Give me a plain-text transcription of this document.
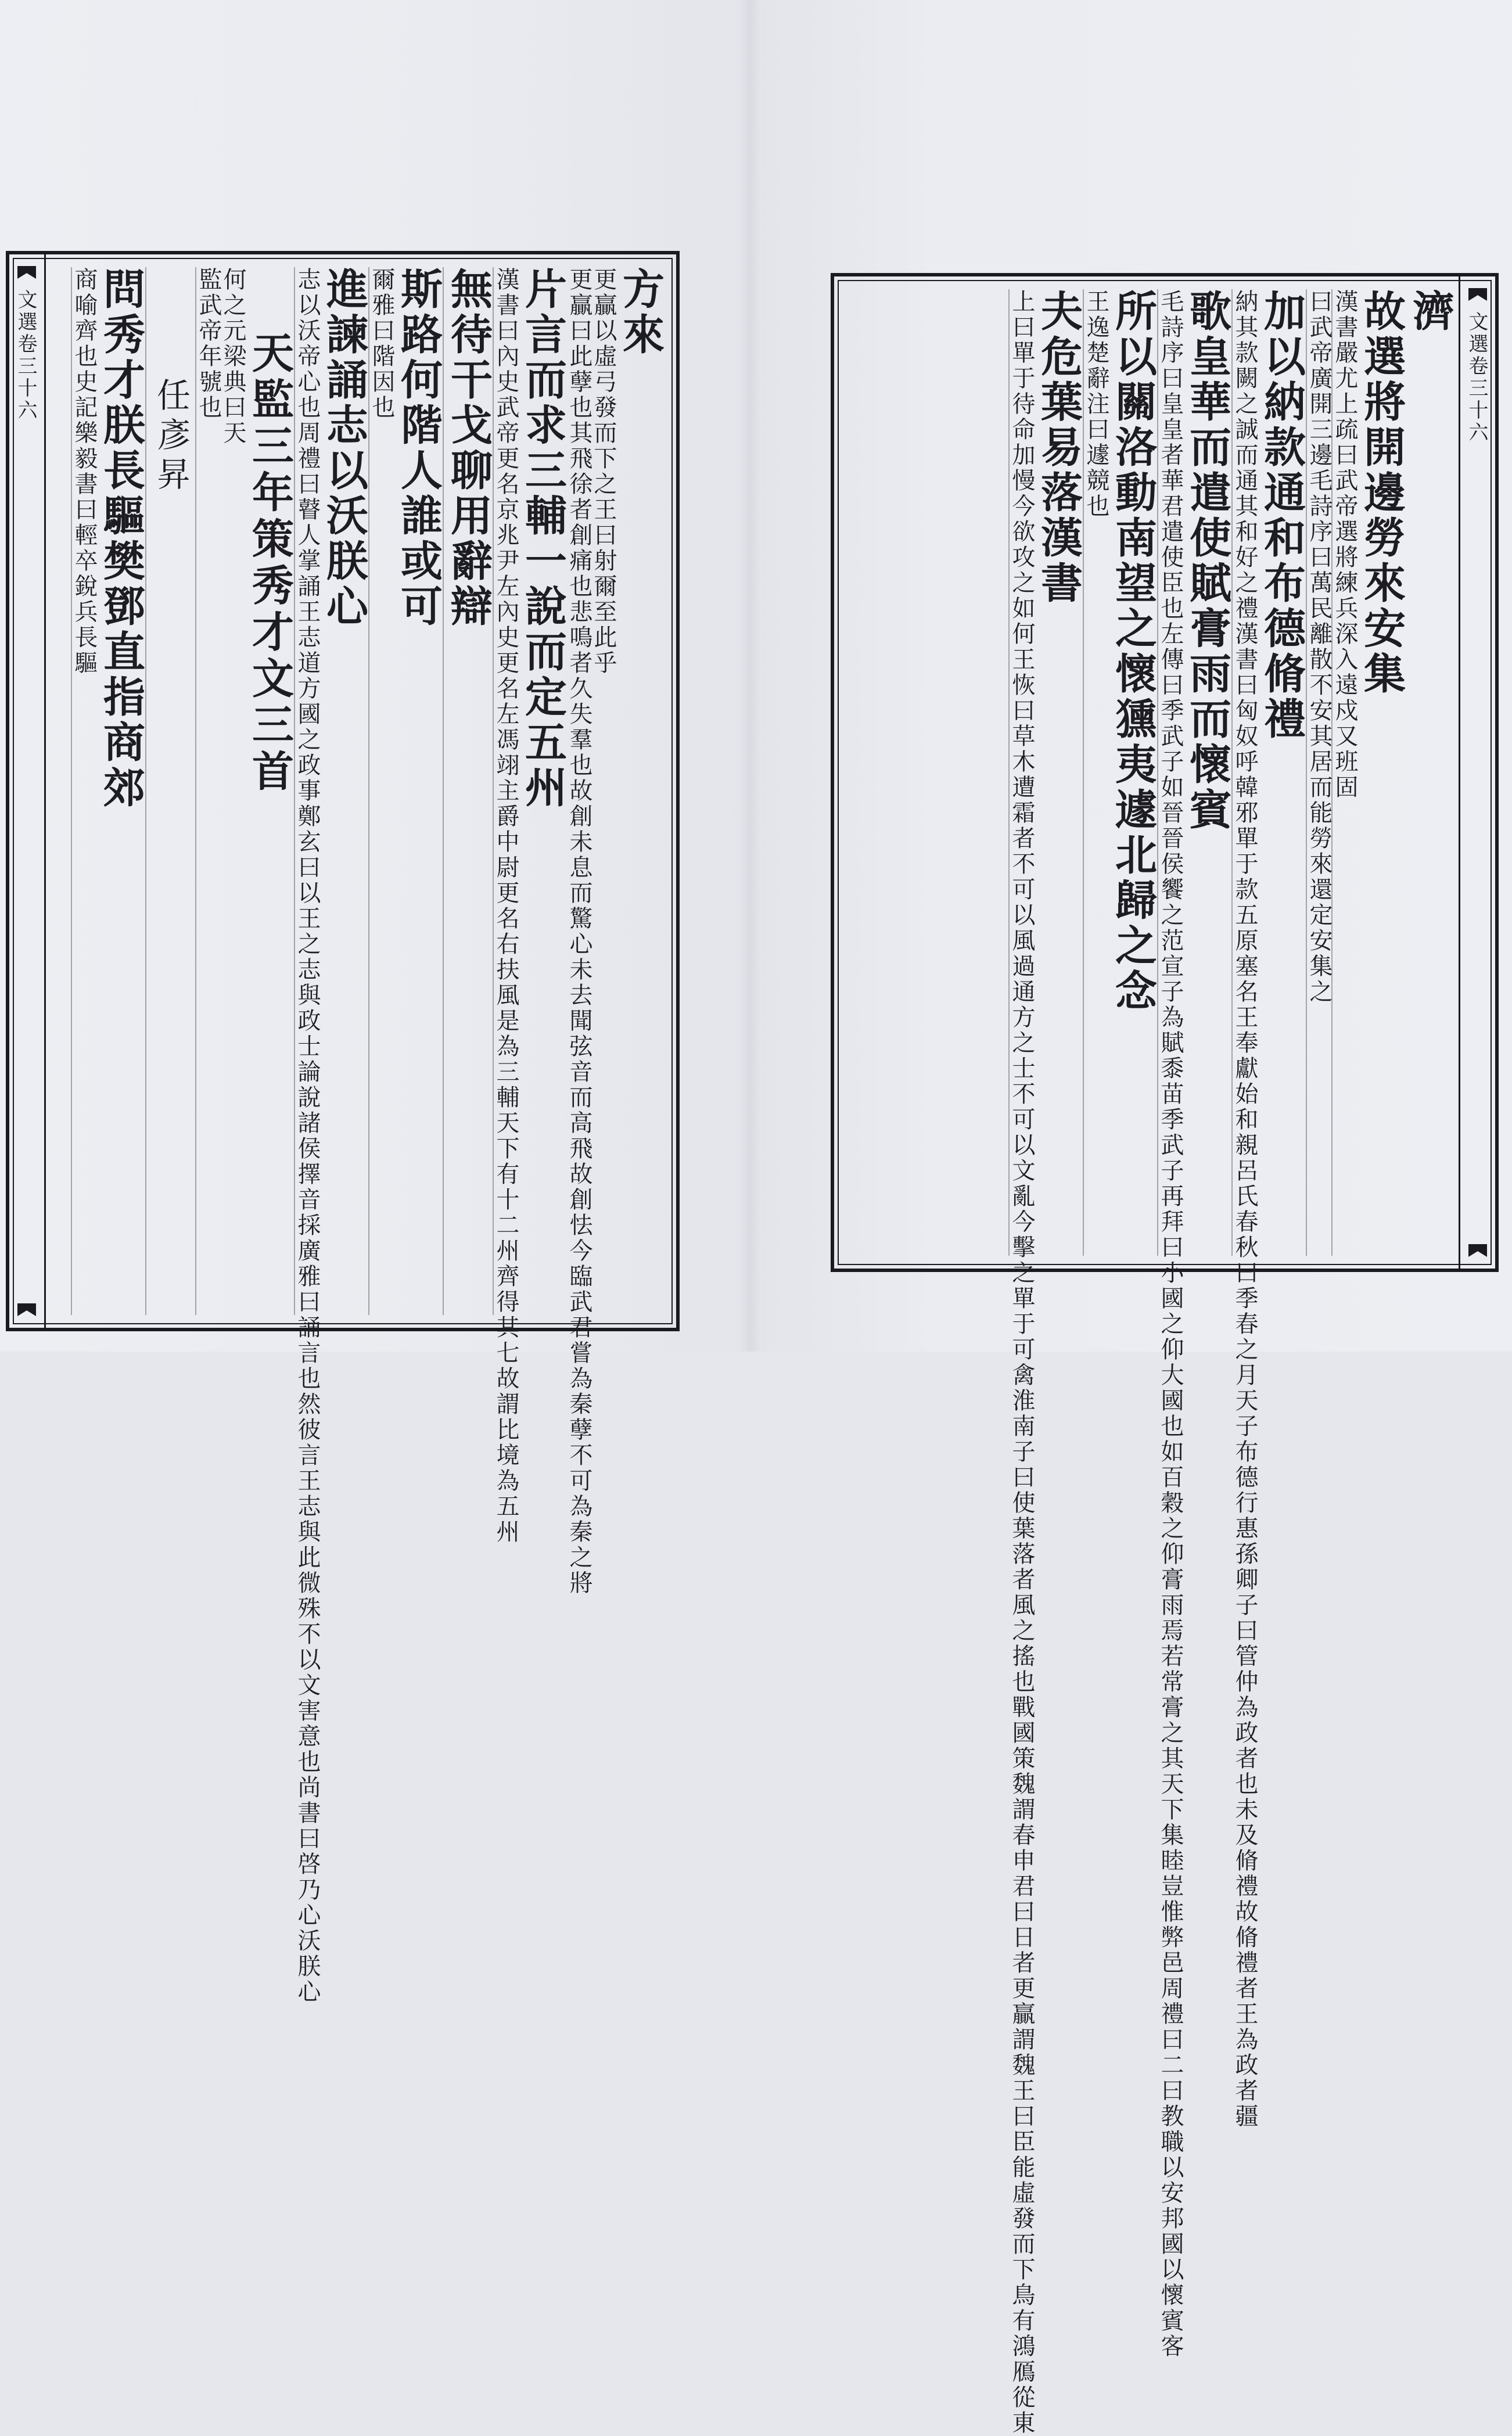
文選卷三十六	方來
更贏以虛弓發而下之王曰射爾至此乎
更贏曰此孽也其飛徐者創痛也悲鳴者久失羣也故創未息而驚心未去聞弦音而高飛故創怯今臨武君嘗為秦孽不可為秦之將
片言而求三輔一說而定五州
漢書曰內史武帝更名京兆尹左內史更名左馮翊主爵中尉更名右扶風是為三輔天下有十二州齊得其七故謂比境為五州
無待干戈聊用辭辯
斯路何階人誰或可
爾雅曰階因也
進諫誦志以沃朕心
志以沃帝心也周禮曰瞽人掌誦王志道方國之政事鄭玄曰以王之志與政士論說諸侯擇音採廣雅曰誦言也然彼言王志與此微殊不以文害意也尚書曰啓乃心沃朕心
天監三年策秀才文三首
何之元梁典曰天
監武帝年號也
任彥昇
問秀才朕長驅樊鄧直指商郊
商喻齊也史記樂毅書曰輕卒銳兵長驅	文選卷三十六
濟
故選將開邊勞來安集
漢書嚴尤上疏曰武帝選將練兵深入遠戍又班固
曰武帝廣開三邊毛詩序曰萬民離散不安其居而能勞來還定安集之
加以納款通和布德脩禮
納其款闕之誠而通其和好之禮漢書曰匈奴呼韓邪單于款五原塞名王奉獻始和親呂氏春秋曰季春之月天子布德行惠孫卿子曰管仲為政者也未及脩禮故脩禮者王為政者疆
歌皇華而遣使賦膏雨而懷賓
毛詩序曰皇皇者華君遣使臣也左傳曰季武子如晉晉侯饗之范宣子為賦黍苗季武子再拜曰小國之仰大國也如百穀之仰膏雨焉若常膏之其天下集睦豈惟弊邑周禮曰二曰教職以安邦國以懷賓客
所以關洛動南望之懷獯夷遽北歸之念
王逸楚辭注曰遽競也
夫危葉易落漢書
上曰單于待命加慢今欲攻之如何王恢曰草木遭霜者不可以風過通方之士不可以文亂今擊之單于可禽淮南子曰使葉落者風之搖也戰國策魏謂春申君曰日者更贏謂魏王曰臣能虛發而下鳥有鴻鴈從東
